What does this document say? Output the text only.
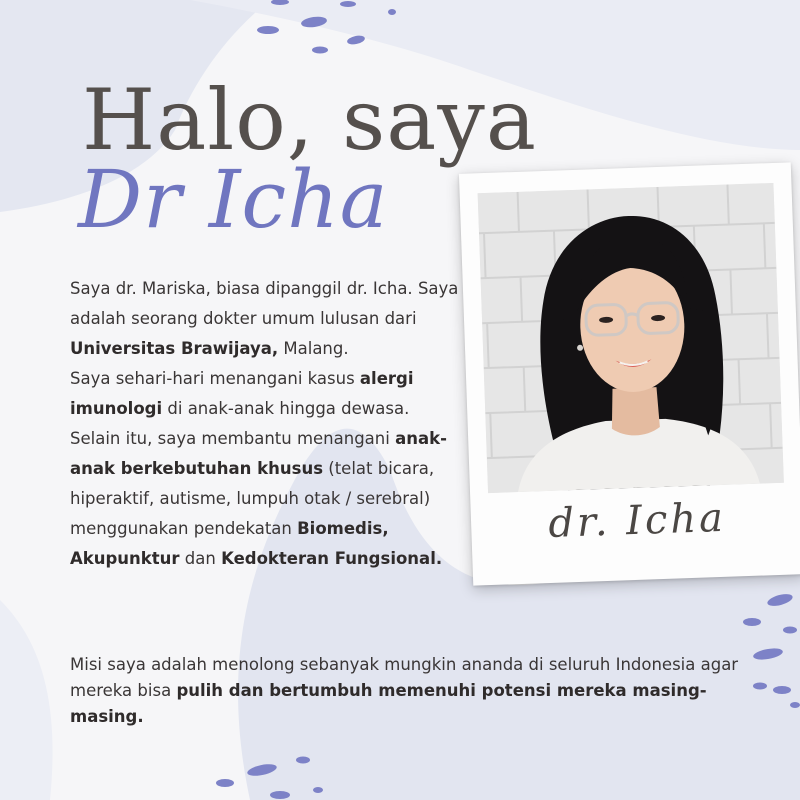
Halo, saya
Dr Icha

Saya dr. Mariska, biasa dipanggil dr. Icha. Saya adalah seorang dokter umum lulusan dari Universitas Brawijaya, Malang.

Saya sehari-hari menangani kasus alergi imunologi di anak-anak hingga dewasa.

Selain itu, saya membantu menangani anak-anak berkebutuhan khusus (telat bicara, hiperaktif, autisme, lumpuh otak / serebral) menggunakan pendekatan Biomedis, Akupunktur dan Kedokteran Fungsional.

Misi saya adalah menolong sebanyak mungkin ananda di seluruh Indonesia agar mereka bisa pulih dan bertumbuh memenuhi potensi mereka masing-masing.
dr. Icha
